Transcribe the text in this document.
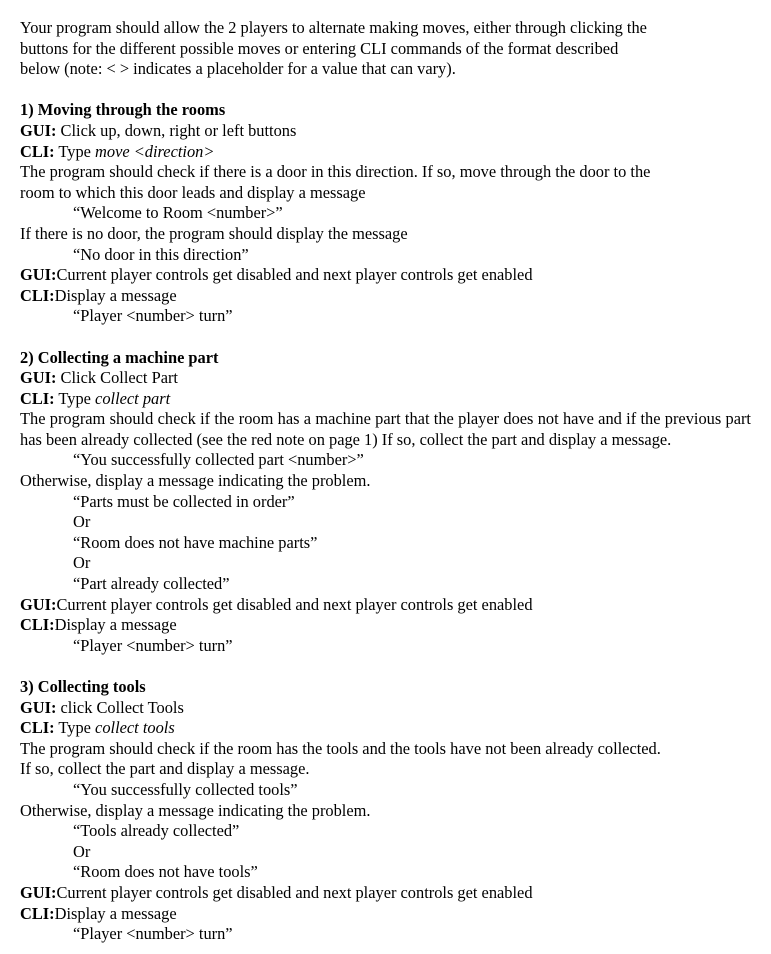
Your program should allow the 2 players to alternate making moves, either through clicking the

buttons for the different possible moves or entering CLI commands of the format described

below (note: < > indicates a placeholder for a value that can vary).

1) Moving through the rooms

GUI: Click up, down, right or left buttons

CLI: Type move <direction>

The program should check if there is a door in this direction. If so, move through the door to the

room to which this door leads and display a message

“Welcome to Room <number>”

If there is no door, the program should display the message

“No door in this direction”

GUI:Current player controls get disabled and next player controls get enabled

CLI:Display a message

“Player <number> turn”

2) Collecting a machine part

GUI: Click Collect Part

CLI: Type collect part

The program should check if the room has a machine part that the player does not have and if the previous part has been already collected (see the red note on page 1) If so, collect the part and display a message.

“You successfully collected part <number>”

Otherwise, display a message indicating the problem.

“Parts must be collected in order”

Or

“Room does not have machine parts”

Or

“Part already collected”

GUI:Current player controls get disabled and next player controls get enabled

CLI:Display a message

“Player <number> turn”

3) Collecting tools

GUI: click Collect Tools

CLI: Type collect tools

The program should check if the room has the tools and the tools have not been already collected.

If so, collect the part and display a message.

“You successfully collected tools”

Otherwise, display a message indicating the problem.

“Tools already collected”

Or

“Room does not have tools”

GUI:Current player controls get disabled and next player controls get enabled

CLI:Display a message

“Player <number> turn”
